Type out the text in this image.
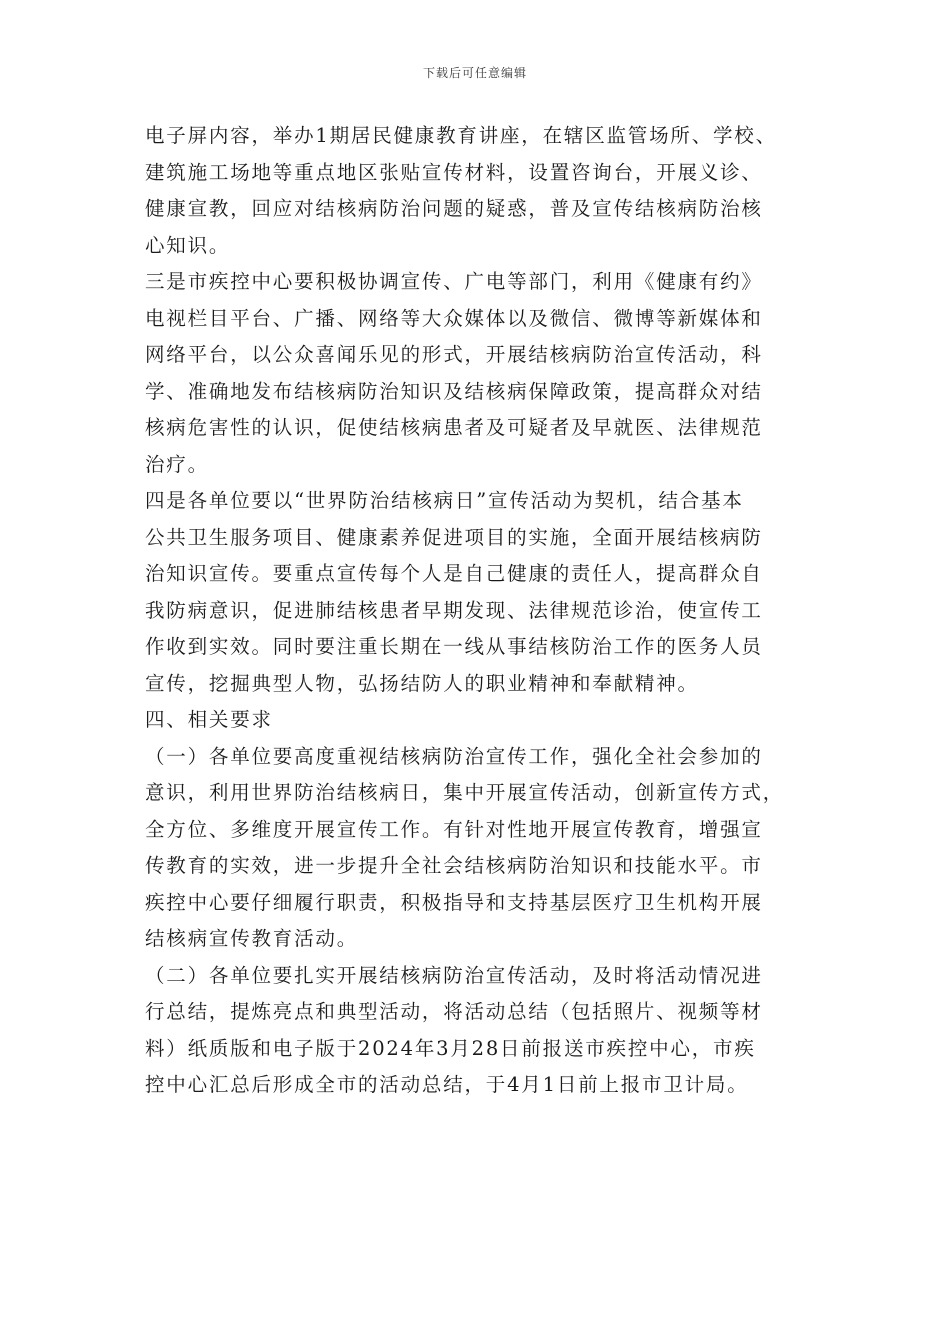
下载后可任意编辑
电子屏内容，举办1期居民健康教育讲座，在辖区监管场所、学校、
建筑施工场地等重点地区张贴宣传材料，设置咨询台，开展义诊、
健康宣教，回应对结核病防治问题的疑惑，普及宣传结核病防治核
心知识。
三是市疾控中心要积极协调宣传、广电等部门，利用《健康有约》
电视栏目平台、广播、网络等大众媒体以及微信、微博等新媒体和
网络平台，以公众喜闻乐见的形式，开展结核病防治宣传活动，科
学、准确地发布结核病防治知识及结核病保障政策，提高群众对结
核病危害性的认识，促使结核病患者及可疑者及早就医、法律规范
治疗。
四是各单位要以“世界防治结核病日”宣传活动为契机，结合基本
公共卫生服务项目、健康素养促进项目的实施，全面开展结核病防
治知识宣传。要重点宣传每个人是自己健康的责任人，提高群众自
我防病意识，促进肺结核患者早期发现、法律规范诊治，使宣传工
作收到实效。同时要注重长期在一线从事结核防治工作的医务人员
宣传，挖掘典型人物，弘扬结防人的职业精神和奉献精神。
四、相关要求
（一）各单位要高度重视结核病防治宣传工作，强化全社会参加的
意识，利用世界防治结核病日，集中开展宣传活动，创新宣传方式，
全方位、多维度开展宣传工作。有针对性地开展宣传教育，增强宣
传教育的实效，进一步提升全社会结核病防治知识和技能水平。市
疾控中心要仔细履行职责，积极指导和支持基层医疗卫生机构开展
结核病宣传教育活动。
（二）各单位要扎实开展结核病防治宣传活动，及时将活动情况进
行总结，提炼亮点和典型活动，将活动总结（包括照片、视频等材
料）纸质版和电子版于2024年3月28日前报送市疾控中心，市疾
控中心汇总后形成全市的活动总结，于4月1日前上报市卫计局。
